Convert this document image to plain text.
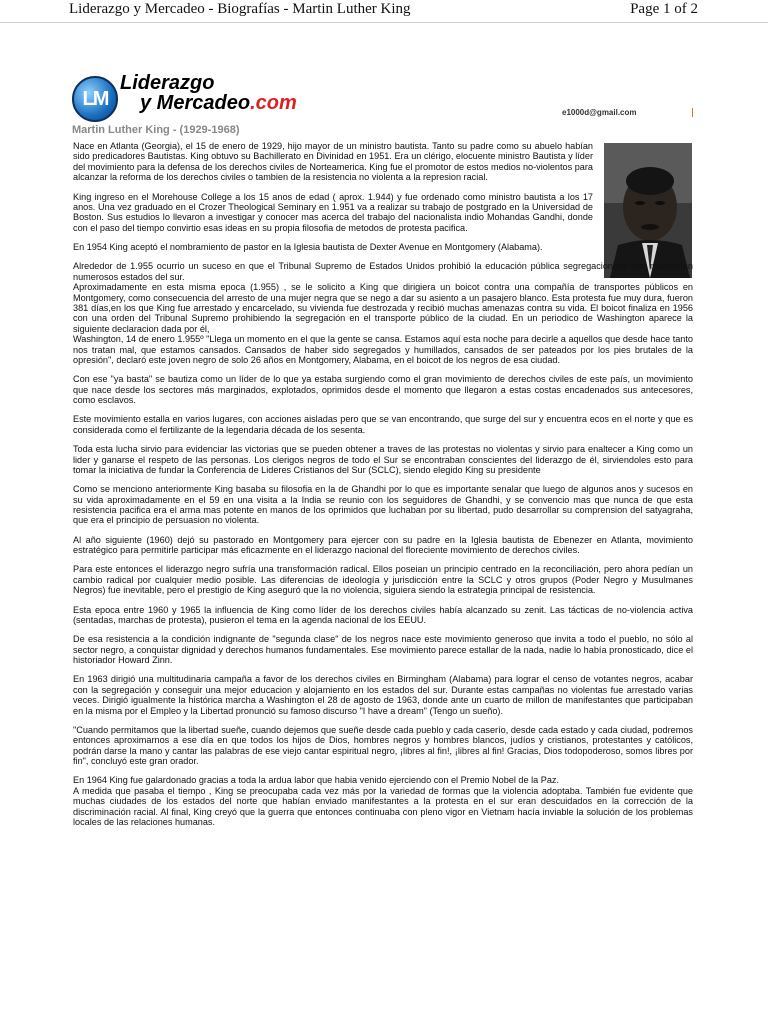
Liderazgo y Mercadeo - Biografías - Martin Luther King	Page 1 of 2
LM
Liderazgo
y Mercadeo.com	e1000d@gmail.com
Martin Luther King - (1929-1968)

Nace en Atlanta (Georgia), el 15 de enero de 1929, hijo mayor de un ministro bautista. Tanto su padre como su abuelo habían sido predicadores Bautistas. King obtuvo su Bachillerato en Divinidad en 1951. Era un clérigo, elocuente ministro Bautista y líder del movimiento para la defensa de los derechos civiles de Norteamerica. King fue el promotor de estos medios no-violentos para alcanzar la reforma de los derechos civiles o tambien de la resistencia no violenta a la represion racial.

King ingreso en el Morehouse College a los 15 anos de edad ( aprox. 1.944) y fue ordenado como ministro bautista a los 17 anos. Una vez graduado en el Crozer Theological Seminary en 1.951 va a realizar su trabajo de postgrado en la Universidad de Boston. Sus estudios lo llevaron a investigar y conocer mas acerca del trabajo del nacionalista indio Mohandas Gandhi, donde con el paso del tiempo convirtio esas ideas en su propia filosofia de metodos de protesta pacifica.

En 1954 King aceptó el nombramiento de pastor en la Iglesia bautista de Dexter Avenue en Montgomery (Alabama).

Alrededor de 1.955 ocurrio un suceso en que el Tribunal Supremo de Estados Unidos prohibió la educación pública segregacionista que mantenían numerosos estados del sur.

Aproximadamente en esta misma epoca (1.955) , se le solicito a King que dirigiera un boicot contra una compañía de transportes públicos en Montgomery, como consecuencia del arresto de una mujer negra que se nego a dar su asiento a un pasajero blanco. Esta protesta fue muy dura, fueron 381 días,en los que King fue arrestado y encarcelado, su vivienda fue destrozada y recibió muchas amenazas contra su vida. El boicot finaliza en 1956 con una orden del Tribunal Supremo prohibiendo la segregación en el transporte público de la ciudad. En un periodico de Washington aparece la siguiente declaracion dada por él,

Washington, 14 de enero 1.955º "Llega un momento en el que la gente se cansa. Estamos aquí esta noche para decirle a aquellos que desde hace tanto nos tratan mal, que estamos cansados. Cansados de haber sido segregados y humillados, cansados de ser pateados por los pies brutales de la opresión", declaró este joven negro de solo 26 años en Montgomery, Alabama, en el boicot de los negros de esa ciudad.

Con ese "ya basta" se bautiza como un líder de lo que ya estaba surgiendo como el gran movimiento de derechos civiles de este país, un movimiento que nace desde los sectores más marginados, explotados, oprimidos desde el momento que llegaron a estas costas encadenados sus antecesores, como esclavos.

Este movimiento estalla en varios lugares, con acciones aisladas pero que se van encontrando, que surge del sur y encuentra ecos en el norte y que es considerada como el fertilizante de la legendaria década de los sesenta.

Toda esta lucha sirvio para evidenciar las victorias que se pueden obtener a traves de las protestas no violentas y sirvio para enaltecer a King como un lider y ganarse el respeto de las personas. Los clerigos negros de todo el Sur se encontraban conscientes del liderazgo de él, sirviendoles esto para tomar la iniciativa de fundar la Conferencia de Lideres Cristianos del Sur (SCLC), siendo elegido King su presidente

Como se menciono anteriormente King basaba su filosofia en la de Ghandhi por lo que es importante senalar que luego de algunos anos y sucesos en su vida aproximadamente en el 59 en una visita a la India se reunio con los seguidores de Ghandhi, y se convencio mas que nunca de que esta resistencia pacifica era el arma mas potente en manos de los oprimidos que luchaban por su libertad, pudo desarrollar su comprension del satyagraha, que era el principio de persuasion no violenta.

Al año siguiente (1960) dejó su pastorado en Montgomery para ejercer con su padre en la Iglesia bautista de Ebenezer en Atlanta, movimiento estratégico para permitirle participar más eficazmente en el liderazgo nacional del floreciente movimiento de derechos civiles.

Para este entonces el liderazgo negro sufría una transformación radical. Ellos poseian un principio centrado en la reconciliación, pero ahora pedían un cambio radical por cualquier medio posible. Las diferencias de ideología y jurisdicción entre la SCLC y otros grupos (Poder Negro y Musulmanes Negros) fue inevitable, pero el prestigio de King aseguró que la no violencia, siguiera siendo la estrategia principal de resistencia.

Esta epoca entre 1960 y 1965 la influencia de King como líder de los derechos civiles había alcanzado su zenit. Las tácticas de no-violencia activa (sentadas, marchas de protesta), pusieron el tema en la agenda nacional de los EEUU.

De esa resistencia a la condición indignante de "segunda clase" de los negros nace este movimiento generoso que invita a todo el pueblo, no sólo al sector negro, a conquistar dignidad y derechos humanos fundamentales. Ese movimiento parece estallar de la nada, nadie lo había pronosticado, dice el historiador Howard Zinn.

En 1963 dirigió una multitudinaria campaña a favor de los derechos civiles en Birmingham (Alabama) para lograr el censo de votantes negros, acabar con la segregación y conseguir una mejor educacion y alojamiento en los estados del sur. Durante estas campañas no violentas fue arrestado varias veces. Dirigió igualmente la histórica marcha a Washington el 28 de agosto de 1963, donde ante un cuarto de millon de manifestantes que participaban en la misma por el Empleo y la Libertad pronunció su famoso discurso "I have a dream" (Tengo un sueño).

"Cuando permitamos que la libertad sueñe, cuando dejemos que sueñe desde cada pueblo y cada caserío, desde cada estado y cada ciudad, podremos entonces aproximarnos a ese día en que todos los hijos de Dios, hombres negros y hombres blancos, judíos y cristianos, protestantes y católicos, podrán darse la mano y cantar las palabras de ese viejo cantar espiritual negro, ¡libres al fin!, ¡libres al fin! Gracias, Dios todopoderoso, somos libres por fin", concluyó este gran orador.

En 1964 King fue galardonado gracias a toda la ardua labor que habia venido ejerciendo con el Premio Nobel de la Paz.

A medida que pasaba el tiempo , King se preocupaba cada vez más por la variedad de formas que la violencia adoptaba. También fue evidente que muchas ciudades de los estados del norte que habían enviado manifestantes a la protesta en el sur eran descuidados en la corrección de la discriminación racial. Al final, King creyó que la guerra que entonces continuaba con pleno vigor en Vietnam hacía inviable la solución de los problemas locales de las relaciones humanas.
